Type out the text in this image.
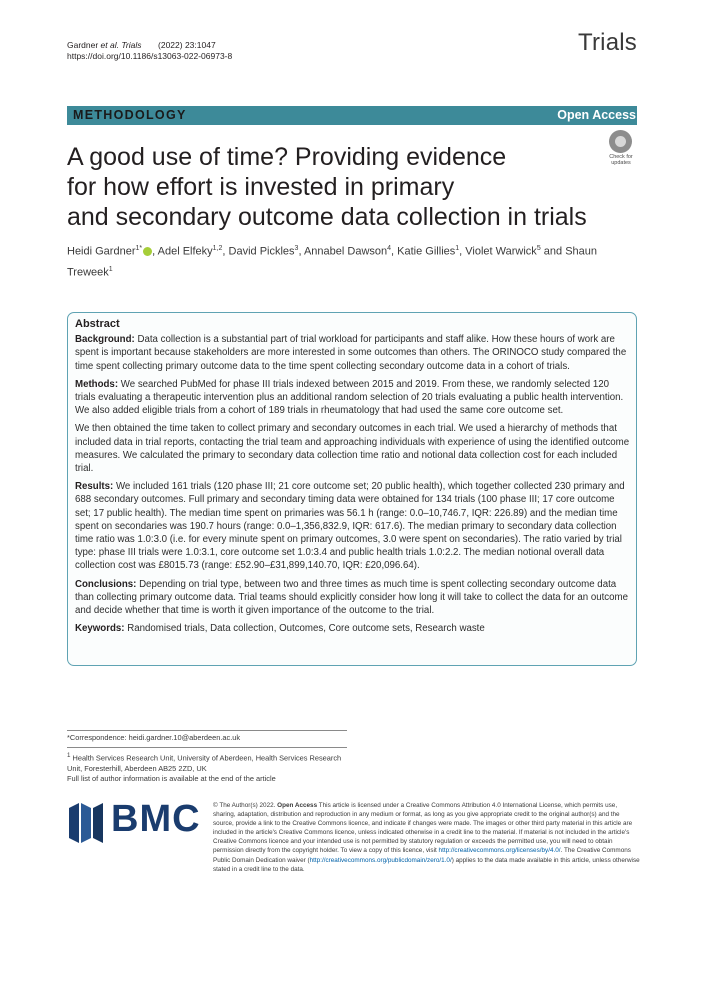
Gardner et al. Trials (2022) 23:1047
https://doi.org/10.1186/s13063-022-06973-8	Trials
METHODOLOGY	Open Access
A good use of time? Providing evidence
for how effort is invested in primary
and secondary outcome data collection in trials
Check for
updates
Heidi Gardner$^{1*}$ , Adel Elfeky$^{1,2}$, David Pickles$^3$, Annabel Dawson$^4$, Katie Gillies$^1$, Violet Warwick$^5$ and Shaun Treweek$^1$

Abstract

Background: Data collection is a substantial part of trial workload for participants and staff alike. How these hours of work are spent is important because stakeholders are more interested in some outcomes than others. The ORINOCO study compared the time spent collecting primary outcome data to the time spent collecting secondary outcome data in a cohort of trials.

Methods: We searched PubMed for phase III trials indexed between 2015 and 2019. From these, we randomly selected 120 trials evaluating a therapeutic intervention plus an additional random selection of 20 trials evaluating a public health intervention. We also added eligible trials from a cohort of 189 trials in rheumatology that had used the same core outcome set.

We then obtained the time taken to collect primary and secondary outcomes in each trial. We used a hierarchy of methods that included data in trial reports, contacting the trial team and approaching individuals with experience of using the identified outcome measures. We calculated the primary to secondary data collection time ratio and notional data collection cost for each included trial.

Results: We included 161 trials (120 phase III; 21 core outcome set; 20 public health), which together collected 230 primary and 688 secondary outcomes. Full primary and secondary timing data were obtained for 134 trials (100 phase III; 17 core outcome set; 17 public health). The median time spent on primaries was 56.1 h (range: 0.0–10,746.7, IQR: 226.89) and the median time spent on secondaries was 190.7 hours (range: 0.0–1,356,832.9, IQR: 617.6). The median primary to secondary data collection time ratio was 1.0:3.0 (i.e. for every minute spent on primary outcomes, 3.0 were spent on secondaries). The ratio varied by trial type: phase III trials were 1.0:3.1, core outcome set 1.0:3.4 and public health trials 1.0:2.2. The median notional overall data collection cost was £8015.73 (range: £52.90–£31,899,140.70, IQR: £20,096.64).

Conclusions: Depending on trial type, between two and three times as much time is spent collecting secondary outcome data than collecting primary outcome data. Trial teams should explicitly consider how long it will take to collect the data for an outcome and decide whether that time is worth it given importance of the outcome to the trial.

Keywords: Randomised trials, Data collection, Outcomes, Core outcome sets, Research waste

*Correspondence: heidi.gardner.10@aberdeen.ac.uk
$^1$ Health Services Research Unit, University of Aberdeen, Health Services Research Unit, Foresterhill, Aberdeen AB25 2ZD, UK
Full list of author information is available at the end of the article
BMC © The Author(s) 2022. Open Access This article is licensed under a Creative Commons Attribution 4.0 International License, which permits use, sharing, adaptation, distribution and reproduction in any medium or format, as long as you give appropriate credit to the original author(s) and the source, provide a link to the Creative Commons licence, and indicate if changes were made. The images or other third party material in this article are included in the article's Creative Commons licence, unless indicated otherwise in a credit line to the material. If material is not included in the article's Creative Commons licence and your intended use is not permitted by statutory regulation or exceeds the permitted use, you will need to obtain permission directly from the copyright holder. To view a copy of this licence, visit http://creativecommons.org/licenses/by/4.0/. The Creative Commons Public Domain Dedication waiver (http://creativecommons.org/publicdomain/zero/1.0/) applies to the data made available in this article, unless otherwise stated in a credit line to the data.
